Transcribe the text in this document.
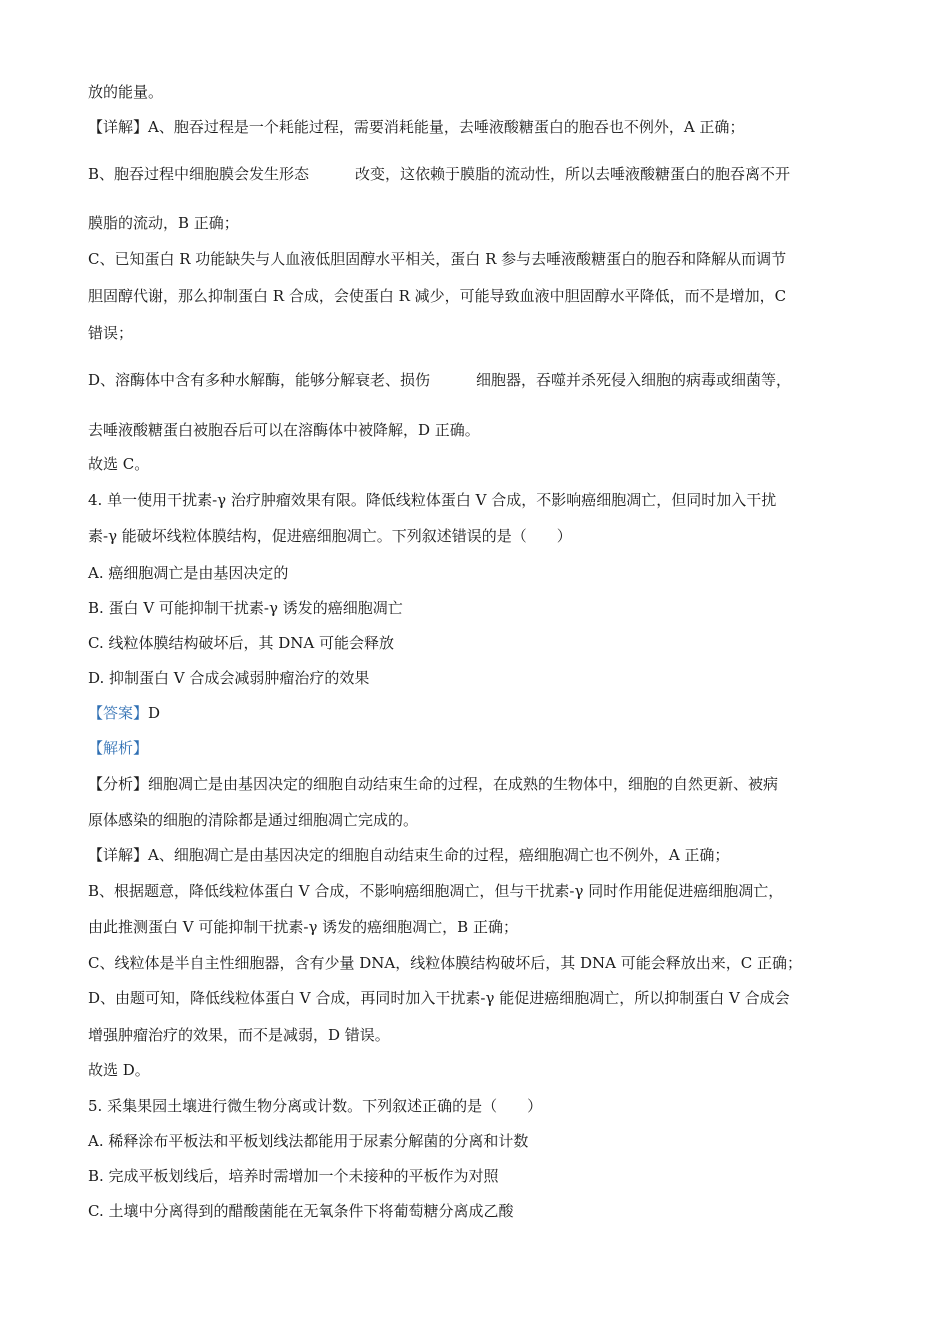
放的能量。
【详解】A、胞吞过程是一个耗能过程，需要消耗能量，去唾液酸糖蛋白的胞吞也不例外，A 正确；
B、胞吞过程中细胞膜会发生形态	改变，这依赖于膜脂的流动性，所以去唾液酸糖蛋白的胞吞离不开
膜脂的流动，B 正确；
C、已知蛋白 R 功能缺失与人血液低胆固醇水平相关，蛋白 R 参与去唾液酸糖蛋白的胞吞和降解从而调节
胆固醇代谢，那么抑制蛋白 R 合成，会使蛋白 R 减少，可能导致血液中胆固醇水平降低，而不是增加，C
错误；
D、溶酶体中含有多种水解酶，能够分解衰老、损伤	细胞器，吞噬并杀死侵入细胞的病毒或细菌等，
去唾液酸糖蛋白被胞吞后可以在溶酶体中被降解，D 正确。
故选 C。
4. 单一使用干扰素-γ 治疗肿瘤效果有限。降低线粒体蛋白 V 合成，不影响癌细胞凋亡，但同时加入干扰
素-γ 能破坏线粒体膜结构，促进癌细胞凋亡。下列叙述错误的是（　　）
A. 癌细胞凋亡是由基因决定的
B. 蛋白 V 可能抑制干扰素-γ 诱发的癌细胞凋亡
C. 线粒体膜结构破坏后，其 DNA 可能会释放
D. 抑制蛋白 V 合成会减弱肿瘤治疗的效果
【答案】D
【解析】
【分析】细胞凋亡是由基因决定的细胞自动结束生命的过程，在成熟的生物体中，细胞的自然更新、被病
原体感染的细胞的清除都是通过细胞凋亡完成的。
【详解】A、细胞凋亡是由基因决定的细胞自动结束生命的过程，癌细胞凋亡也不例外，A 正确；
B、根据题意，降低线粒体蛋白 V 合成，不影响癌细胞凋亡，但与干扰素-γ 同时作用能促进癌细胞凋亡，
由此推测蛋白 V 可能抑制干扰素-γ 诱发的癌细胞凋亡，B 正确；
C、线粒体是半自主性细胞器，含有少量 DNA，线粒体膜结构破坏后，其 DNA 可能会释放出来，C 正确；
D、由题可知，降低线粒体蛋白 V 合成，再同时加入干扰素-γ 能促进癌细胞凋亡，所以抑制蛋白 V 合成会
增强肿瘤治疗的效果，而不是减弱，D 错误。
故选 D。
5. 采集果园土壤进行微生物分离或计数。下列叙述正确的是（　　）
A. 稀释涂布平板法和平板划线法都能用于尿素分解菌的分离和计数
B. 完成平板划线后，培养时需增加一个未接种的平板作为对照
C. 土壤中分离得到的醋酸菌能在无氧条件下将葡萄糖分离成乙酸
